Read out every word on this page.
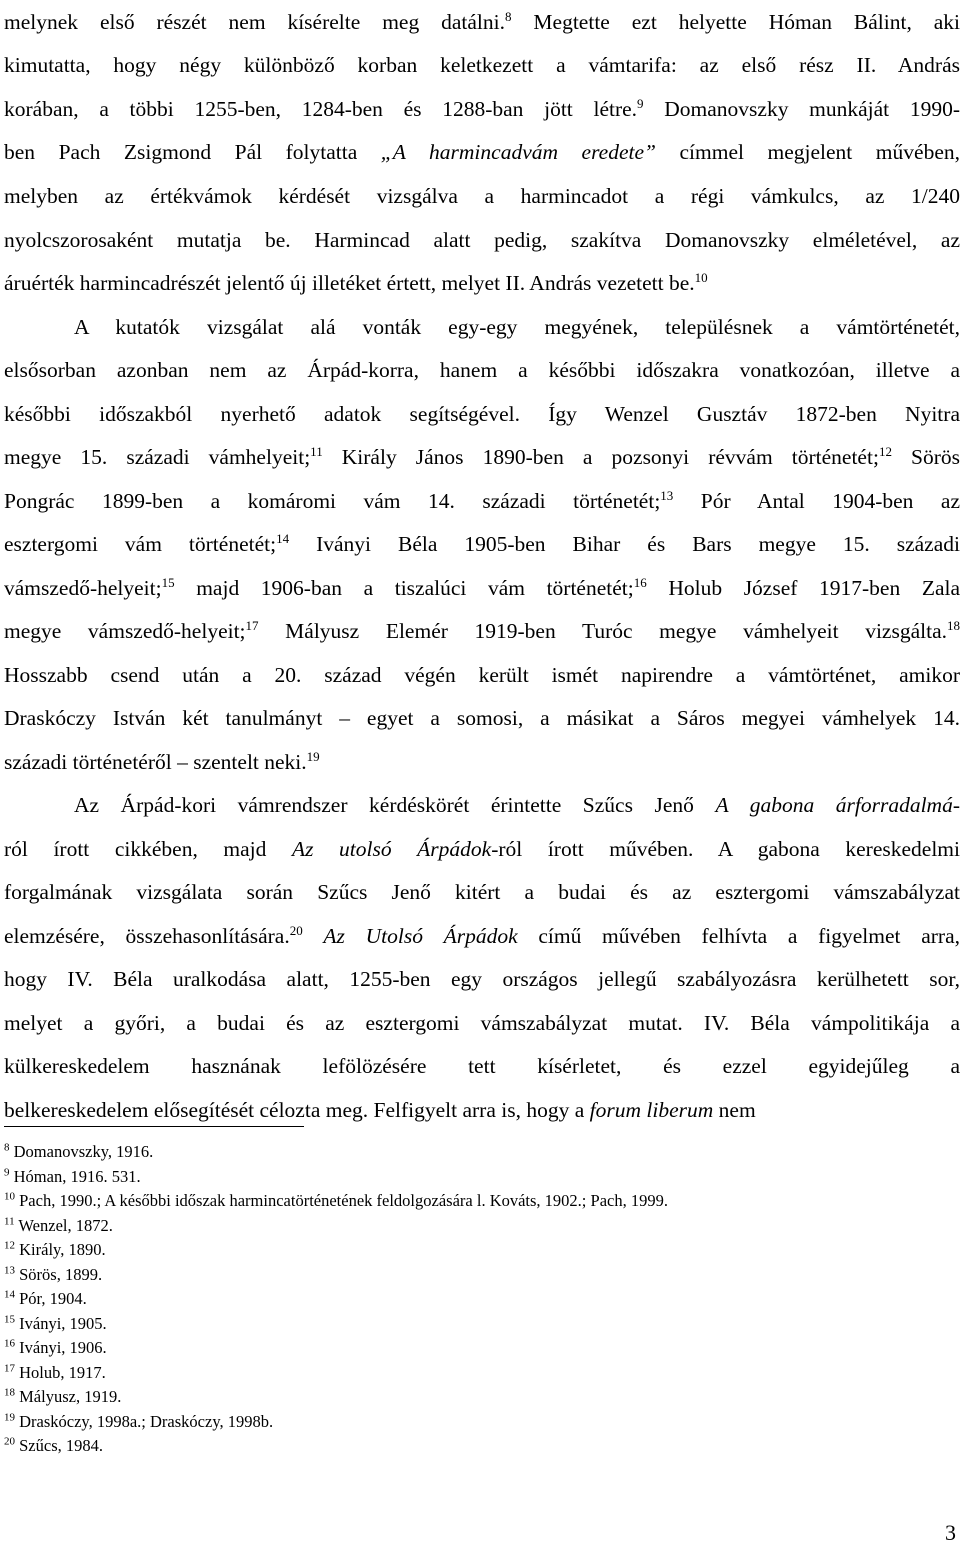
melynek első részét nem kísérelte meg datálni.$^8$ Megtette ezt helyette Hóman Bálint, aki
kimutatta, hogy négy különböző korban keletkezett a vámtarifa: az első rész II. András
korában, a többi 1255-ben, 1284-ben és 1288-ban jött létre.$^9$ Domanovszky munkáját 1990-
ben Pach Zsigmond Pál folytatta „A harmincadvám eredete” címmel megjelent művében,
melyben az értékvámok kérdését vizsgálva a harmincadot a régi vámkulcs, az 1/240
nyolcszorosaként mutatja be. Harmincad alatt pedig, szakítva Domanovszky elméletével, az
áruérték harmincadrészét jelentő új illetéket értett, melyet II. András vezetett be.$^{10}$
A kutatók vizsgálat alá vonták egy-egy megyének, településnek a vámtörténetét,
elsősorban azonban nem az Árpád-korra, hanem a későbbi időszakra vonatkozóan, illetve a
későbbi időszakból nyerhető adatok segítségével. Így Wenzel Gusztáv 1872-ben Nyitra
megye 15. századi vámhelyeit;$^{11}$ Király János 1890-ben a pozsonyi révvám történetét;$^{12}$ Sörös
Pongrác 1899-ben a komáromi vám 14. századi történetét;$^{13}$ Pór Antal 1904-ben az
esztergomi vám történetét;$^{14}$ Iványi Béla 1905-ben Bihar és Bars megye 15. századi
vámszedő-helyeit;$^{15}$ majd 1906-ban a tiszalúci vám történetét;$^{16}$ Holub József 1917-ben Zala
megye vámszedő-helyeit;$^{17}$ Mályusz Elemér 1919-ben Turóc megye vámhelyeit vizsgálta.$^{18}$
Hosszabb csend után a 20. század végén került ismét napirendre a vámtörténet, amikor
Draskóczy István két tanulmányt – egyet a somosi, a másikat a Sáros megyei vámhelyek 14.
századi történetéről – szentelt neki.$^{19}$
Az Árpád-kori vámrendszer kérdéskörét érintette Szűcs Jenő A gabona árforradalmá-
ról írott cikkében, majd Az utolsó Árpádok-ról írott művében. A gabona kereskedelmi
forgalmának vizsgálata során Szűcs Jenő kitért a budai és az esztergomi vámszabályzat
elemzésére, összehasonlítására.$^{20}$ Az Utolsó Árpádok című művében felhívta a figyelmet arra,
hogy IV. Béla uralkodása alatt, 1255-ben egy országos jellegű szabályozásra kerülhetett sor,
melyet a győri, a budai és az esztergomi vámszabályzat mutat. IV. Béla vámpolitikája a
külkereskedelem hasznának lefölözésére tett kísérletet, és ezzel egyidejűleg a
belkereskedelem elősegítését célozta meg. Felfigyelt arra is, hogy a forum liberum nem
$^8$ Domanovszky, 1916.
$^9$ Hóman, 1916. 531.
$^{10}$ Pach, 1990.; A későbbi időszak harmincatörténetének feldolgozására l. Kováts, 1902.; Pach, 1999.
$^{11}$ Wenzel, 1872.
$^{12}$ Király, 1890.
$^{13}$ Sörös, 1899.
$^{14}$ Pór, 1904.
$^{15}$ Iványi, 1905.
$^{16}$ Iványi, 1906.
$^{17}$ Holub, 1917.
$^{18}$ Mályusz, 1919.
$^{19}$ Draskóczy, 1998a.; Draskóczy, 1998b.
$^{20}$ Szűcs, 1984.
3
